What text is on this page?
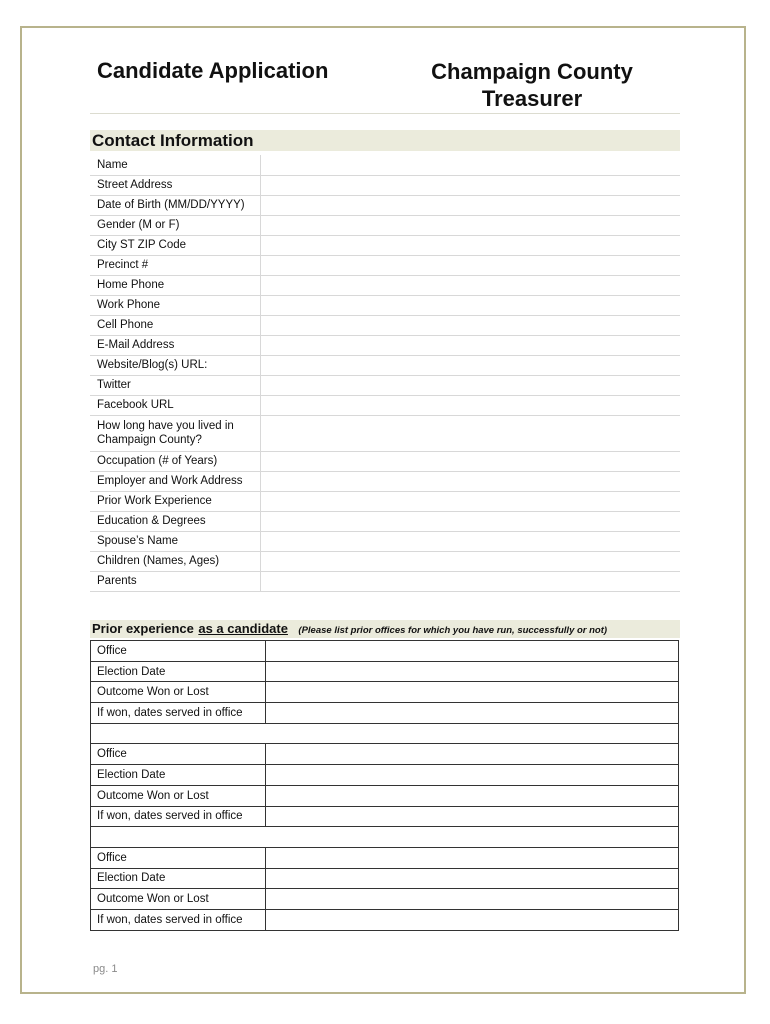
Candidate Application	Champaign County
Treasurer
Contact Information
Name	
Street Address	
Date of Birth (MM/DD/YYYY)	
Gender (M or F)	
City ST ZIP Code	
Precinct #	
Home Phone	
Work Phone	
Cell Phone	
E-Mail Address	
Website/Blog(s) URL:	
Twitter	
Facebook URL	
How long have you lived in Champaign County?	
Occupation (# of Years)	
Employer and Work Address	
Prior Work Experience	
Education & Degrees	
Spouse’s Name	
Children (Names, Ages)	
Parents	
Prior experience as a candidate (Please list prior offices for which you have run, successfully or not)
Office	
Election Date	
Outcome Won or Lost	
If won, dates served in office	

Office	
Election Date	
Outcome Won or Lost	
If won, dates served in office	

Office	
Election Date	
Outcome Won or Lost	
If won, dates served in office	
pg. 1
